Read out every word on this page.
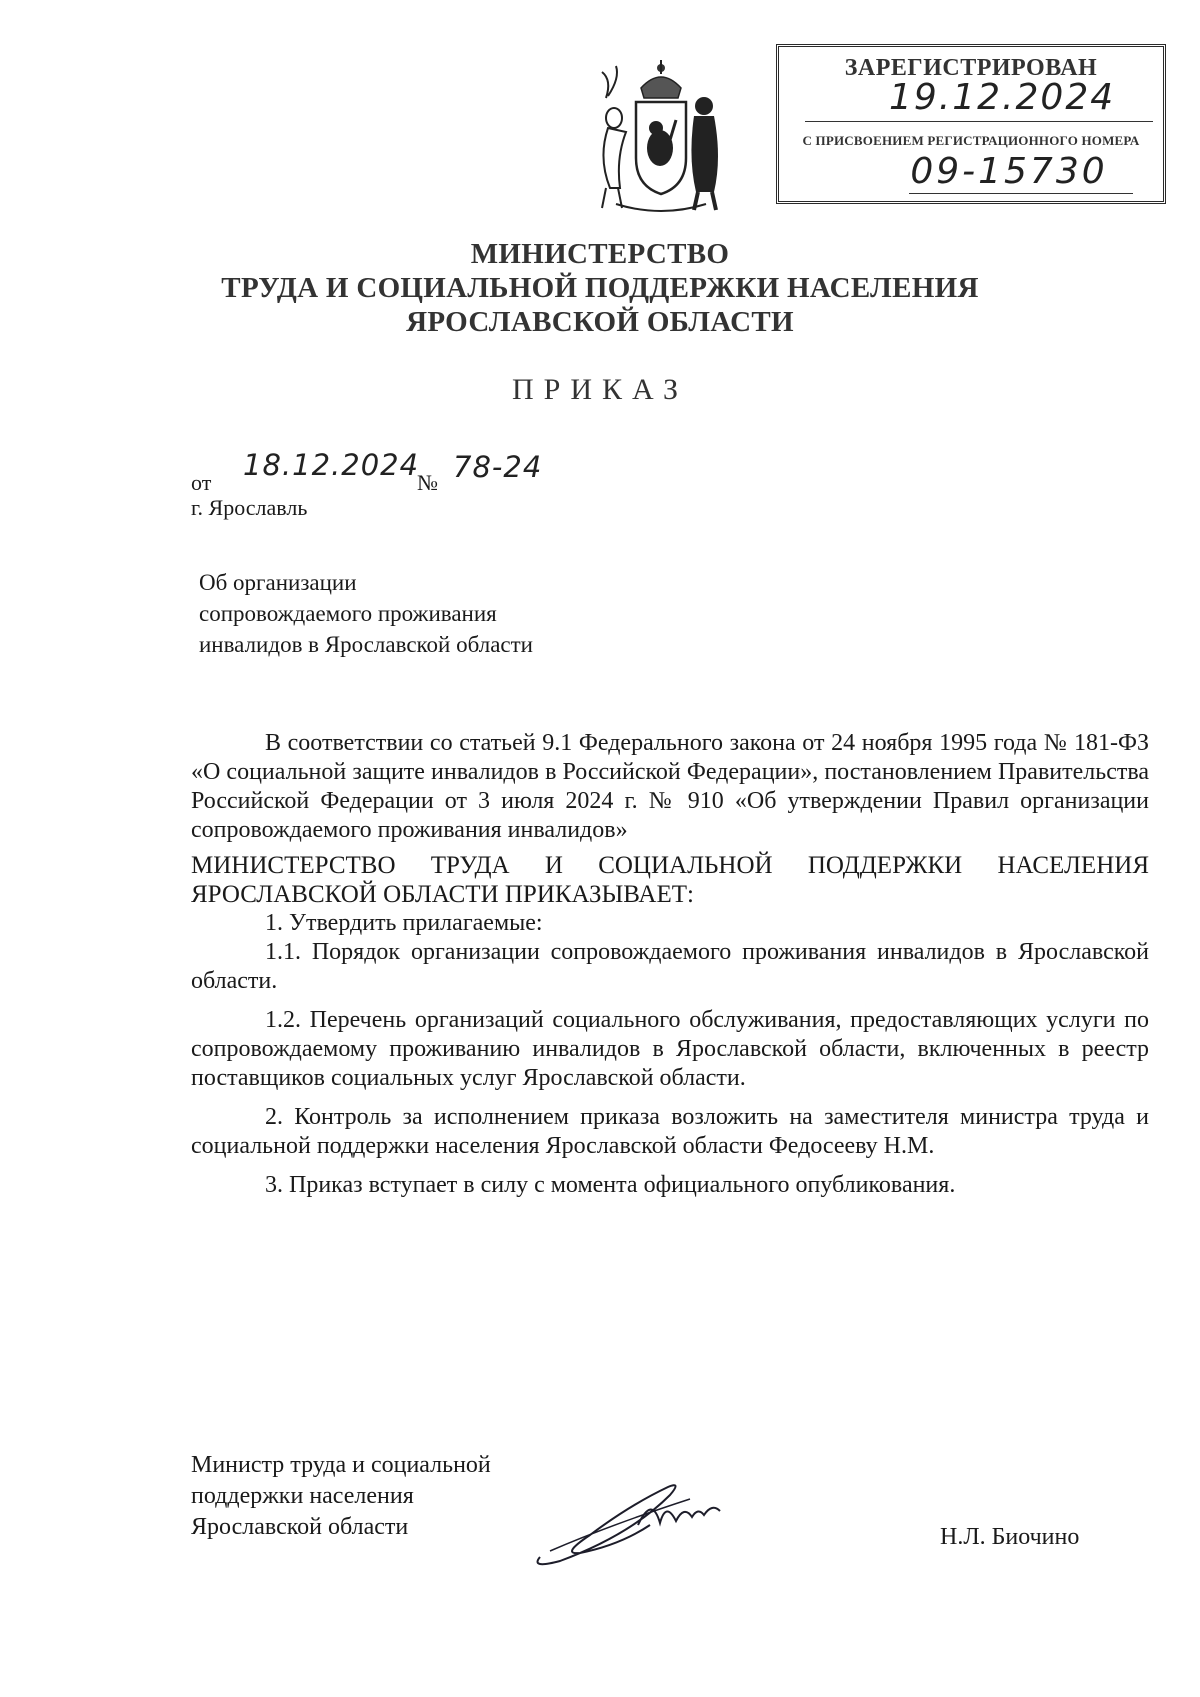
ЗАРЕГИСТРИРОВАН
19.12.2024
С ПРИСВОЕНИЕМ РЕГИСТРАЦИОННОГО НОМЕРА
09-15730
МИНИСТЕРСТВО
ТРУДА И СОЦИАЛЬНОЙ ПОДДЕРЖКИ НАСЕЛЕНИЯ
ЯРОСЛАВСКОЙ ОБЛАСТИ
ПРИКАЗ
от
18.12.2024
№ 78-24
г. Ярославль
Об организации
сопровождаемого проживания
инвалидов в Ярославской области

В соответствии со статьей 9.1 Федерального закона от 24 ноября 1995 года № 181-ФЗ «О социальной защите инвалидов в Российской Федерации», постановлением Правительства Российской Федерации от 3 июля 2024 г. № 910 «Об утверждении Правил организации сопровождаемого проживания инвалидов»

МИНИСТЕРСТВО ТРУДА И СОЦИАЛЬНОЙ ПОДДЕРЖКИ НАСЕЛЕНИЯ ЯРОСЛАВСКОЙ ОБЛАСТИ ПРИКАЗЫВАЕТ:

1. Утвердить прилагаемые:

1.1. Порядок организации сопровождаемого проживания инвалидов в Ярославской области.

1.2. Перечень организаций социального обслуживания, предоставляющих услуги по сопровождаемому проживанию инвалидов в Ярославской области, включенных в реестр поставщиков социальных услуг Ярославской области.

2. Контроль за исполнением приказа возложить на заместителя министра труда и социальной поддержки населения Ярославской области Федосееву Н.М.

3. Приказ вступает в силу с момента официального опубликования.

Министр труда и социальной
поддержки населения
Ярославской области	Н.Л. Биочино
